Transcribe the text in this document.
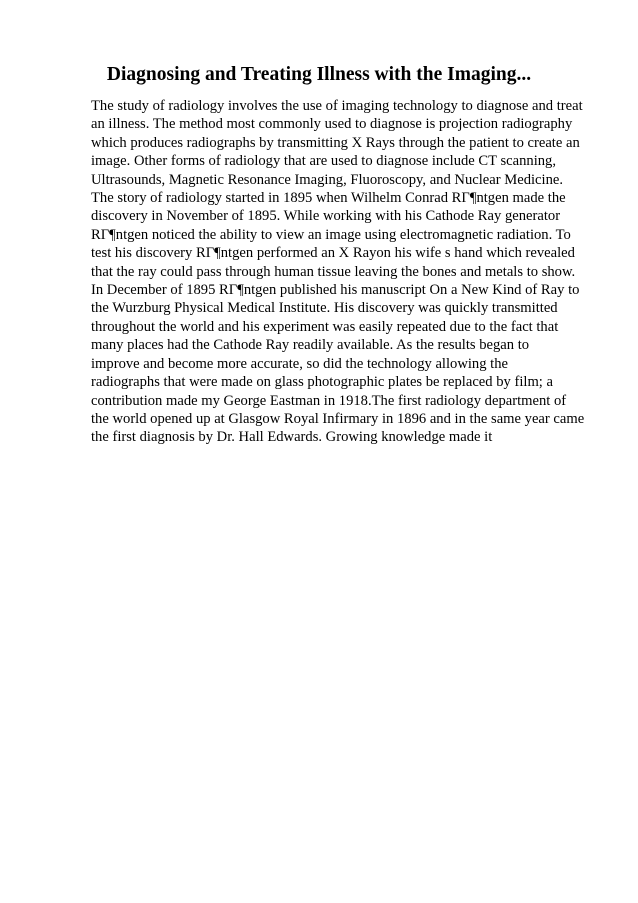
Diagnosing and Treating Illness with the Imaging...
The study of radiology involves the use of imaging technology to diagnose and treat
an illness. The method most commonly used to diagnose is projection radiography
which produces radiographs by transmitting X Rays through the patient to create an
image. Other forms of radiology that are used to diagnose include CT scanning,
Ultrasounds, Magnetic Resonance Imaging, Fluoroscopy, and Nuclear Medicine.
The story of radiology started in 1895 when Wilhelm Conrad RΓ¶ntgen made the
discovery in November of 1895. While working with his Cathode Ray generator
RΓ¶ntgen noticed the ability to view an image using electromagnetic radiation. To
test his discovery RΓ¶ntgen performed an X Rayon his wife s hand which revealed
that the ray could pass through human tissue leaving the bones and metals to show.
In December of 1895 RΓ¶ntgen published his manuscript On a New Kind of Ray to
the Wurzburg Physical Medical Institute. His discovery was quickly transmitted
throughout the world and his experiment was easily repeated due to the fact that
many places had the Cathode Ray readily available. As the results began to
improve and become more accurate, so did the technology allowing the
radiographs that were made on glass photographic plates be replaced by film; a
contribution made my George Eastman in 1918.The first radiology department of
the world opened up at Glasgow Royal Infirmary in 1896 and in the same year came
the first diagnosis by Dr. Hall Edwards. Growing knowledge made it
